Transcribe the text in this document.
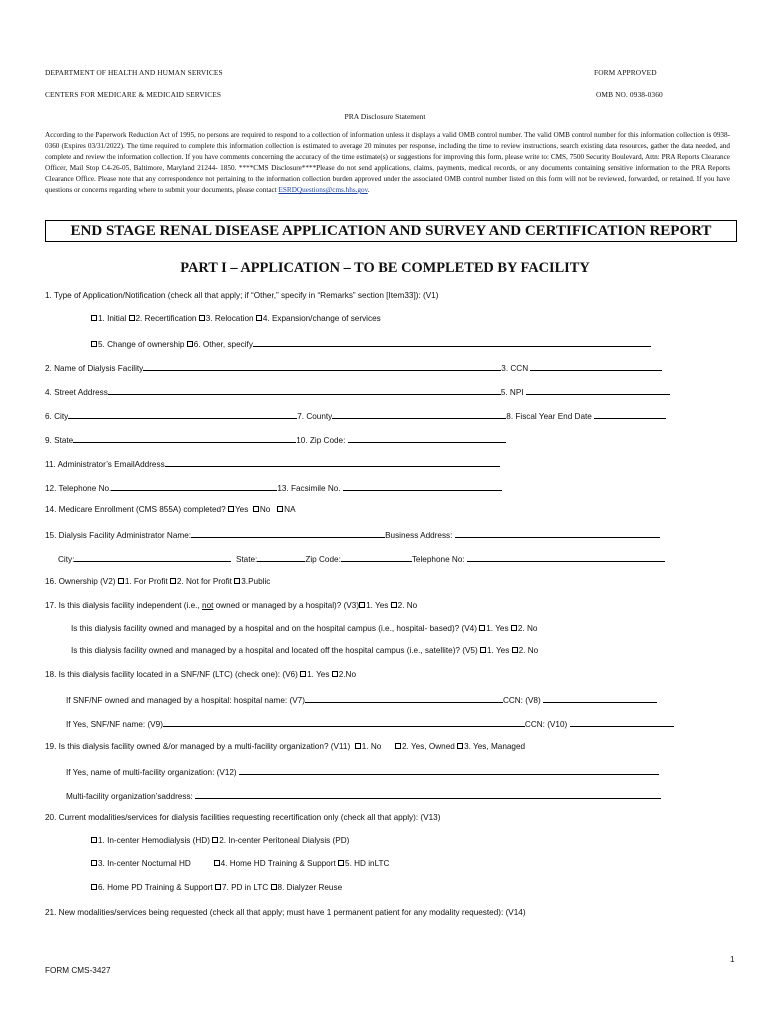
DEPARTMENT OF HEALTH AND HUMAN SERVICES	FORM APPROVED
CENTERS FOR MEDICARE & MEDICAID SERVICES	OMB NO. 0938-0360
PRA Disclosure Statement
According to the Paperwork Reduction Act of 1995, no persons are required to respond to a collection of information unless it displays a valid OMB control number. The valid OMB control number for this information collection is 0938-0360 (Expires 03/31/2022). The time required to complete this information collection is estimated to average 20 minutes per response, including the time to review instructions, search existing data resources, gather the data needed, and complete and review the information collection. If you have comments concerning the accuracy of the time estimate(s) or suggestions for improving this form, please write to: CMS, 7500 Security Boulevard, Attn: PRA Reports Clearance Officer, Mail Stop C4-26-05, Baltimore, Maryland 21244- 1850. ****CMS Disclosure****Please do not send applications, claims, payments, medical records, or any documents containing sensitive information to the PRA Reports Clearance Office. Please note that any correspondence not pertaining to the information collection burden approved under the associated OMB control number listed on this form will not be reviewed, forwarded, or retained. If you have questions or concerns regarding where to submit your documents, please contact ESRDQuestions@cms.hhs.gov.
END STAGE RENAL DISEASE APPLICATION AND SURVEY AND CERTIFICATION REPORT
PART I – APPLICATION – TO BE COMPLETED BY FACILITY
1. Type of Application/Notification (check all that apply; if “Other,” specify in “Remarks” section [Item33]): (V1)
1. Initial 2. Recertification 3. Relocation 4. Expansion/change of services
5. Change of ownership 6. Other, specify
2. Name of Dialysis Facility	3. CCN
4. Street Address	5. NPI
6. City	7. County	8. Fiscal Year End Date
9. State	10. Zip Code:
11. Administrator’s EmailAddress
12. Telephone No.	13. Facsimile No.
14. Medicare Enrollment (CMS 855A) completed? Yes No NA
15. Dialysis Facility Administrator Name:	Business Address:
City:	State:	Zip Code:	Telephone No:
16. Ownership (V2) 1. For Profit 2. Not for Profit 3.Public
17. Is this dialysis facility independent (i.e., not owned or managed by a hospital)? (V3) 1. Yes 2. No
Is this dialysis facility owned and managed by a hospital and on the hospital campus (i.e., hospital- based)? (V4) 1. Yes 2. No
Is this dialysis facility owned and managed by a hospital and located off the hospital campus (i.e., satellite)? (V5) 1. Yes 2. No
18. Is this dialysis facility located in a SNF/NF (LTC) (check one): (V6) 1. Yes 2.No
If SNF/NF owned and managed by a hospital: hospital name: (V7)	CCN: (V8)
If Yes, SNF/NF name: (V9)	CCN: (V10)
19. Is this dialysis facility owned &/or managed by a multi-facility organization? (V11) 1. No	2. Yes, Owned 3. Yes, Managed
If Yes, name of multi-facility organization: (V12)
Multi-facility organization’saddress:
20. Current modalities/services for dialysis facilities requesting recertification only (check all that apply): (V13)
1. In-center Hemodialysis (HD) 2. In-center Peritoneal Dialysis (PD)
3. In-center Nocturnal HD	4. Home HD Training & Support 5. HD inLTC
6. Home PD Training & Support 7. PD in LTC 8. Dialyzer Reuse
21. New modalities/services being requested (check all that apply; must have 1 permanent patient for any modality requested): (V14)
1
FORM CMS-3427
